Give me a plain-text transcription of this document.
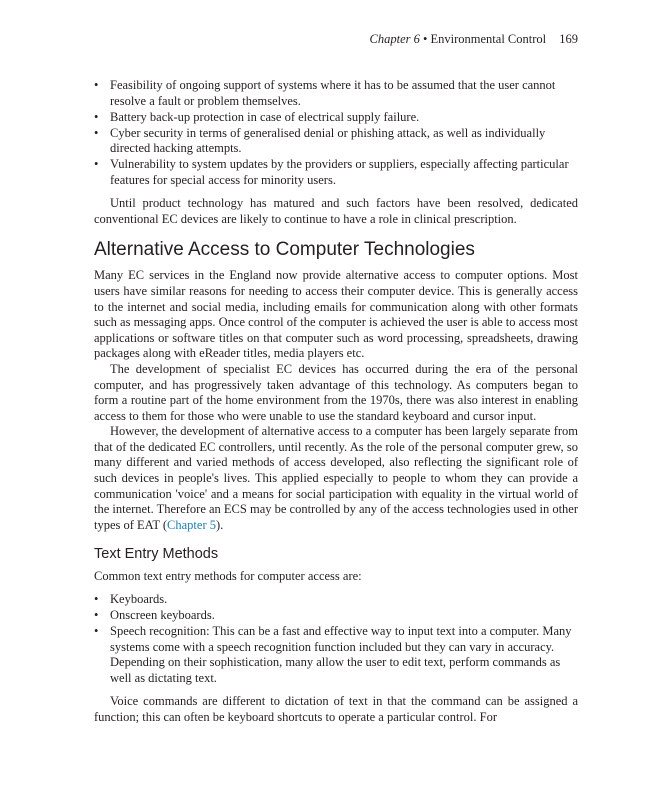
Chapter 6 • Environmental Control 169
• Feasibility of ongoing support of systems where it has to be assumed that the user cannot resolve a fault or problem themselves.
• Battery back-up protection in case of electrical supply failure.
• Cyber security in terms of generalised denial or phishing attack, as well as individually directed hacking attempts.
• Vulnerability to system updates by the providers or suppliers, especially affecting particular features for special access for minority users.

Until product technology has matured and such factors have been resolved, dedicated conventional EC devices are likely to continue to have a role in clinical prescription.

Alternative Access to Computer Technologies

Many EC services in the England now provide alternative access to computer options. Most users have similar reasons for needing to access their computer device. This is generally access to the internet and social media, including emails for communication along with other formats such as messaging apps. Once control of the computer is achieved the user is able to access most applications or software titles on that computer such as word processing, spreadsheets, drawing packages along with eReader titles, media players etc.

The development of specialist EC devices has occurred during the era of the personal computer, and has progressively taken advantage of this technology. As computers began to form a routine part of the home environment from the 1970s, there was also interest in enabling access to them for those who were unable to use the standard keyboard and cursor input.

However, the development of alternative access to a computer has been largely separate from that of the dedicated EC controllers, until recently. As the role of the personal computer grew, so many different and varied methods of access developed, also reflecting the significant role of such devices in people's lives. This applied especially to people to whom they can provide a communication 'voice' and a means for social participation with equality in the virtual world of the internet. Therefore an ECS may be controlled by any of the access technologies used in other types of EAT (Chapter 5).

Text Entry Methods

Common text entry methods for computer access are:

• Keyboards.
• Onscreen keyboards.
• Speech recognition: This can be a fast and effective way to input text into a computer. Many systems come with a speech recognition function included but they can vary in accuracy. Depending on their sophistication, many allow the user to edit text, perform commands as well as dictating text.

Voice commands are different to dictation of text in that the command can be assigned a function; this can often be keyboard shortcuts to operate a particular control. For
